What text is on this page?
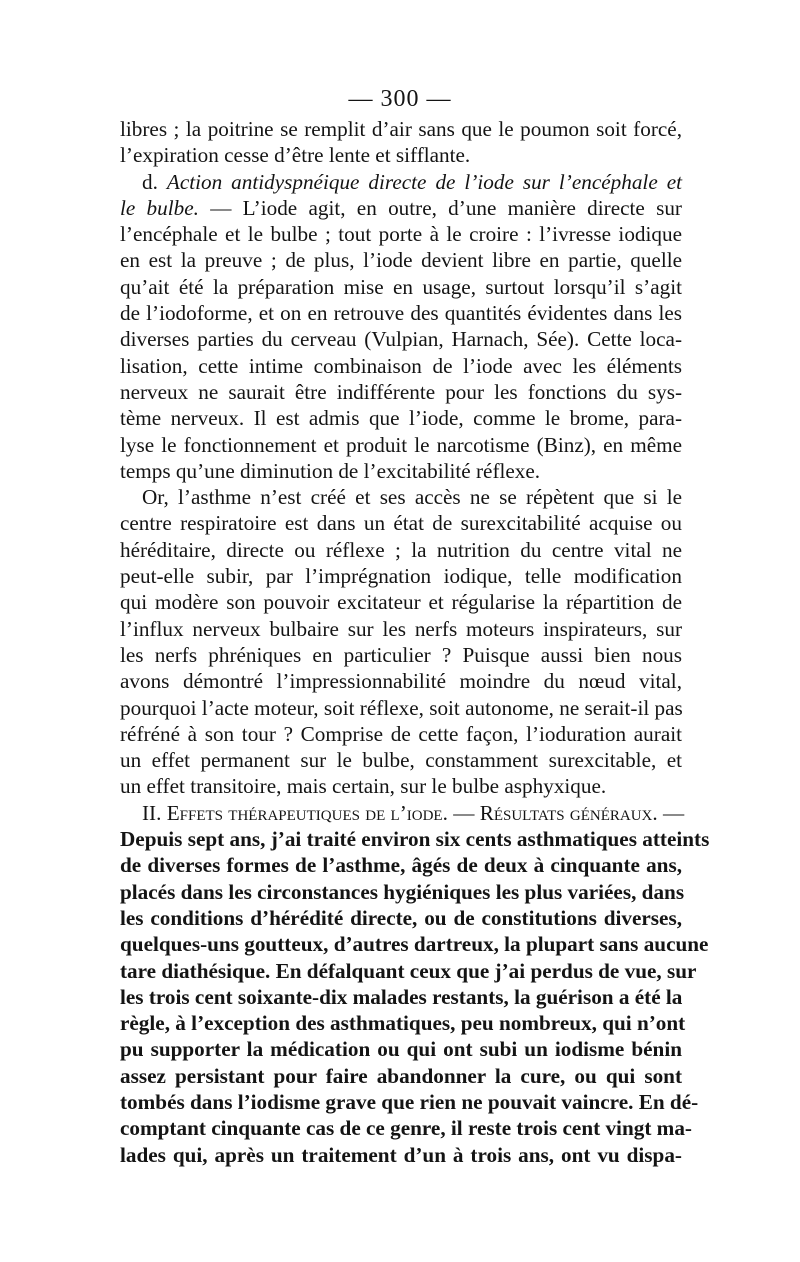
— 300 —
libres ; la poitrine se remplit d’air sans que le poumon soit forcé,
l’expiration cesse d’être lente et sifflante.
d. Action antidyspnéique directe de l’iode sur l’encéphale et
le bulbe. — L’iode agit, en outre, d’une manière directe sur
l’encéphale et le bulbe ; tout porte à le croire : l’ivresse iodique
en est la preuve ; de plus, l’iode devient libre en partie, quelle
qu’ait été la préparation mise en usage, surtout lorsqu’il s’agit
de l’iodoforme, et on en retrouve des quantités évidentes dans les
diverses parties du cerveau (Vulpian, Harnach, Sée). Cette loca-
lisation, cette intime combinaison de l’iode avec les éléments
nerveux ne saurait être indifférente pour les fonctions du sys-
tème nerveux. Il est admis que l’iode, comme le brome, para-
lyse le fonctionnement et produit le narcotisme (Binz), en même
temps qu’une diminution de l’excitabilité réflexe.
Or, l’asthme n’est créé et ses accès ne se répètent que si le
centre respiratoire est dans un état de surexcitabilité acquise ou
héréditaire, directe ou réflexe ; la nutrition du centre vital ne
peut-elle subir, par l’imprégnation iodique, telle modification
qui modère son pouvoir excitateur et régularise la répartition de
l’influx nerveux bulbaire sur les nerfs moteurs inspirateurs, sur
les nerfs phréniques en particulier ? Puisque aussi bien nous
avons démontré l’impressionnabilité moindre du nœud vital,
pourquoi l’acte moteur, soit réflexe, soit autonome, ne serait-il pas
réfréné à son tour ? Comprise de cette façon, l’ioduration aurait
un effet permanent sur le bulbe, constamment surexcitable, et
un effet transitoire, mais certain, sur le bulbe asphyxique.
II. Effets thérapeutiques de l’iode. — Résultats généraux. —
Depuis sept ans, j’ai traité environ six cents asthmatiques atteints
de diverses formes de l’asthme, âgés de deux à cinquante ans,
placés dans les circonstances hygiéniques les plus variées, dans
les conditions d’hérédité directe, ou de constitutions diverses,
quelques-uns goutteux, d’autres dartreux, la plupart sans aucune
tare diathésique. En défalquant ceux que j’ai perdus de vue, sur
les trois cent soixante-dix malades restants, la guérison a été la
règle, à l’exception des asthmatiques, peu nombreux, qui n’ont
pu supporter la médication ou qui ont subi un iodisme bénin
assez persistant pour faire abandonner la cure, ou qui sont
tombés dans l’iodisme grave que rien ne pouvait vaincre. En dé-
comptant cinquante cas de ce genre, il reste trois cent vingt ma-
lades qui, après un traitement d’un à trois ans, ont vu dispa-
